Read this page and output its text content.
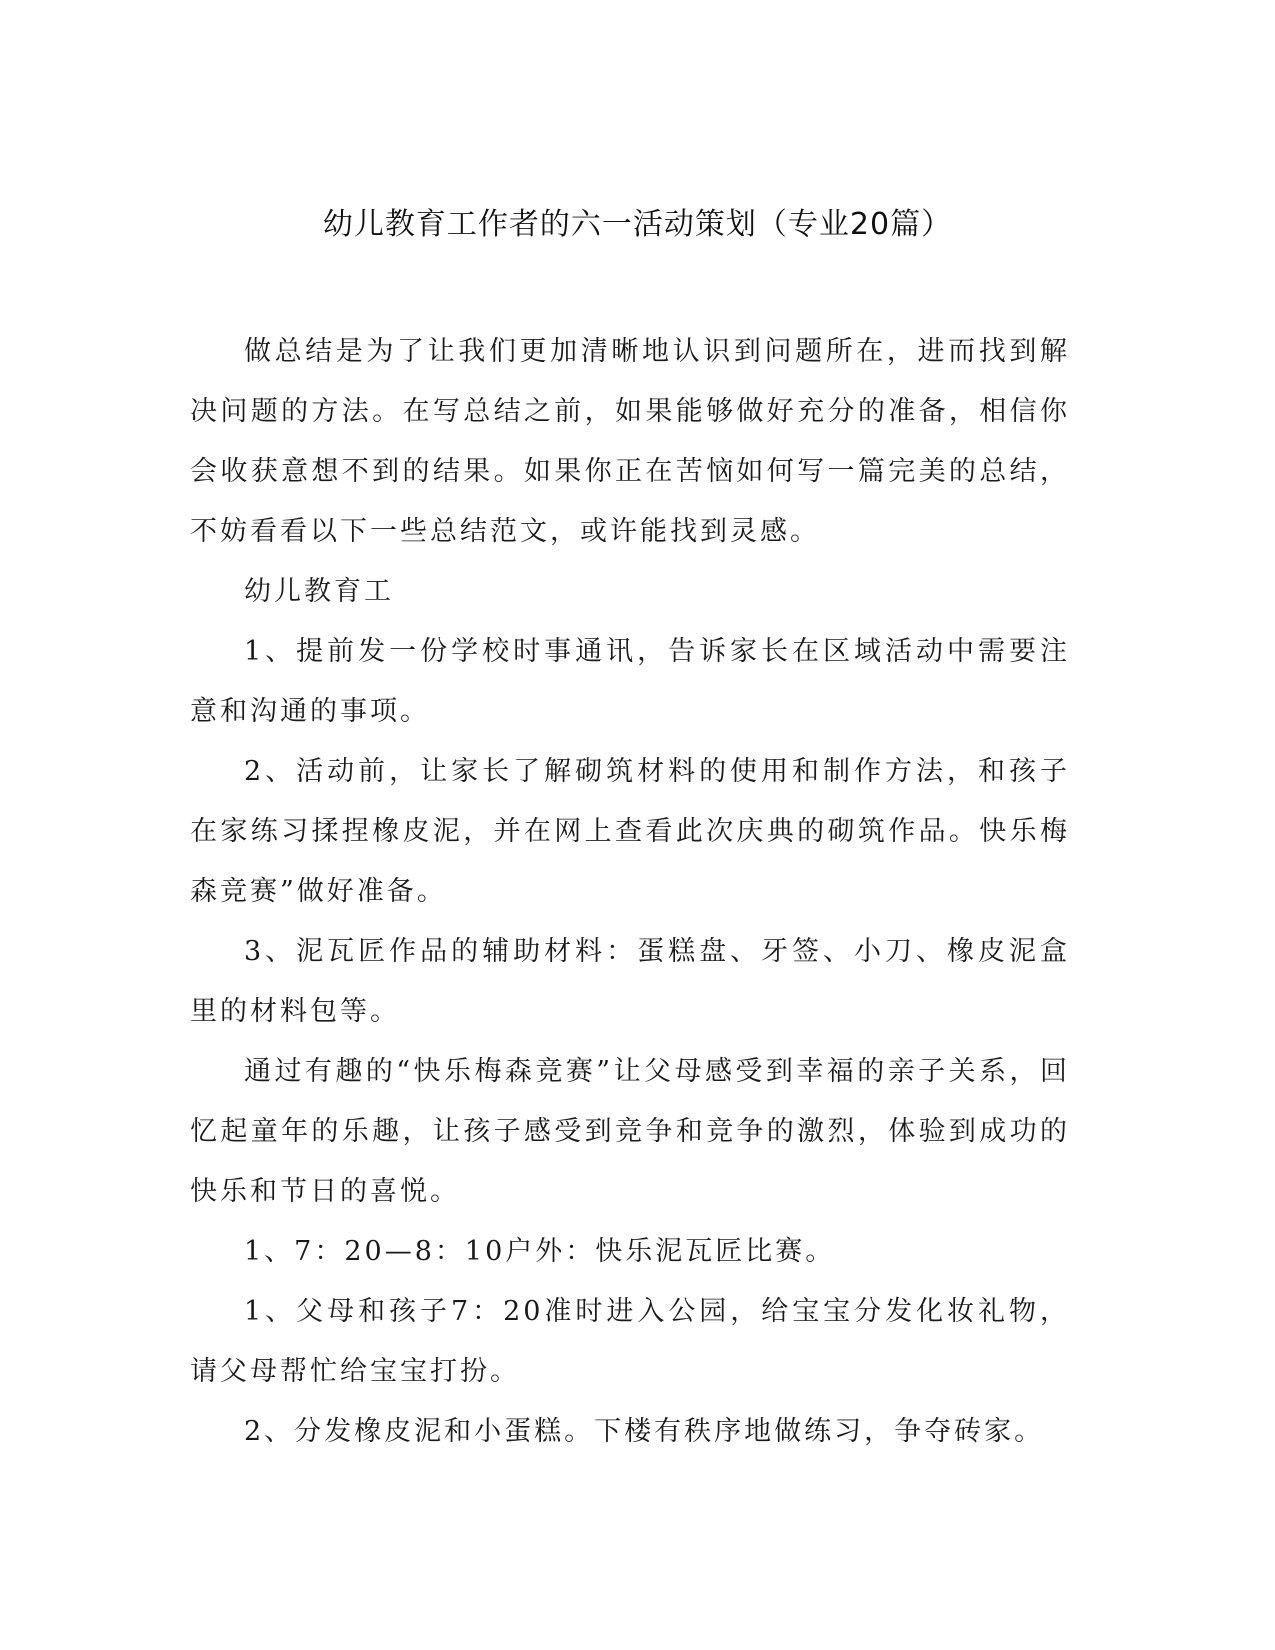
幼儿教育工作者的六一活动策划（专业20篇）

做总结是为了让我们更加清晰地认识到问题所在，进而找到解决问题的方法。在写总结之前，如果能够做好充分的准备，相信你会收获意想不到的结果。如果你正在苦恼如何写一篇完美的总结，不妨看看以下一些总结范文，或许能找到灵感。

幼儿教育工

1、提前发一份学校时事通讯，告诉家长在区域活动中需要注意和沟通的事项。

2、活动前，让家长了解砌筑材料的使用和制作方法，和孩子在家练习揉捏橡皮泥，并在网上查看此次庆典的砌筑作品。快乐梅森竞赛”做好准备。

3、泥瓦匠作品的辅助材料：蛋糕盘、牙签、小刀、橡皮泥盒里的材料包等。

通过有趣的“快乐梅森竞赛”让父母感受到幸福的亲子关系，回忆起童年的乐趣，让孩子感受到竞争和竞争的激烈，体验到成功的快乐和节日的喜悦。

1、7：20—8：10户外：快乐泥瓦匠比赛。

1、父母和孩子7：20准时进入公园，给宝宝分发化妆礼物，请父母帮忙给宝宝打扮。

2、分发橡皮泥和小蛋糕。下楼有秩序地做练习，争夺砖家。
